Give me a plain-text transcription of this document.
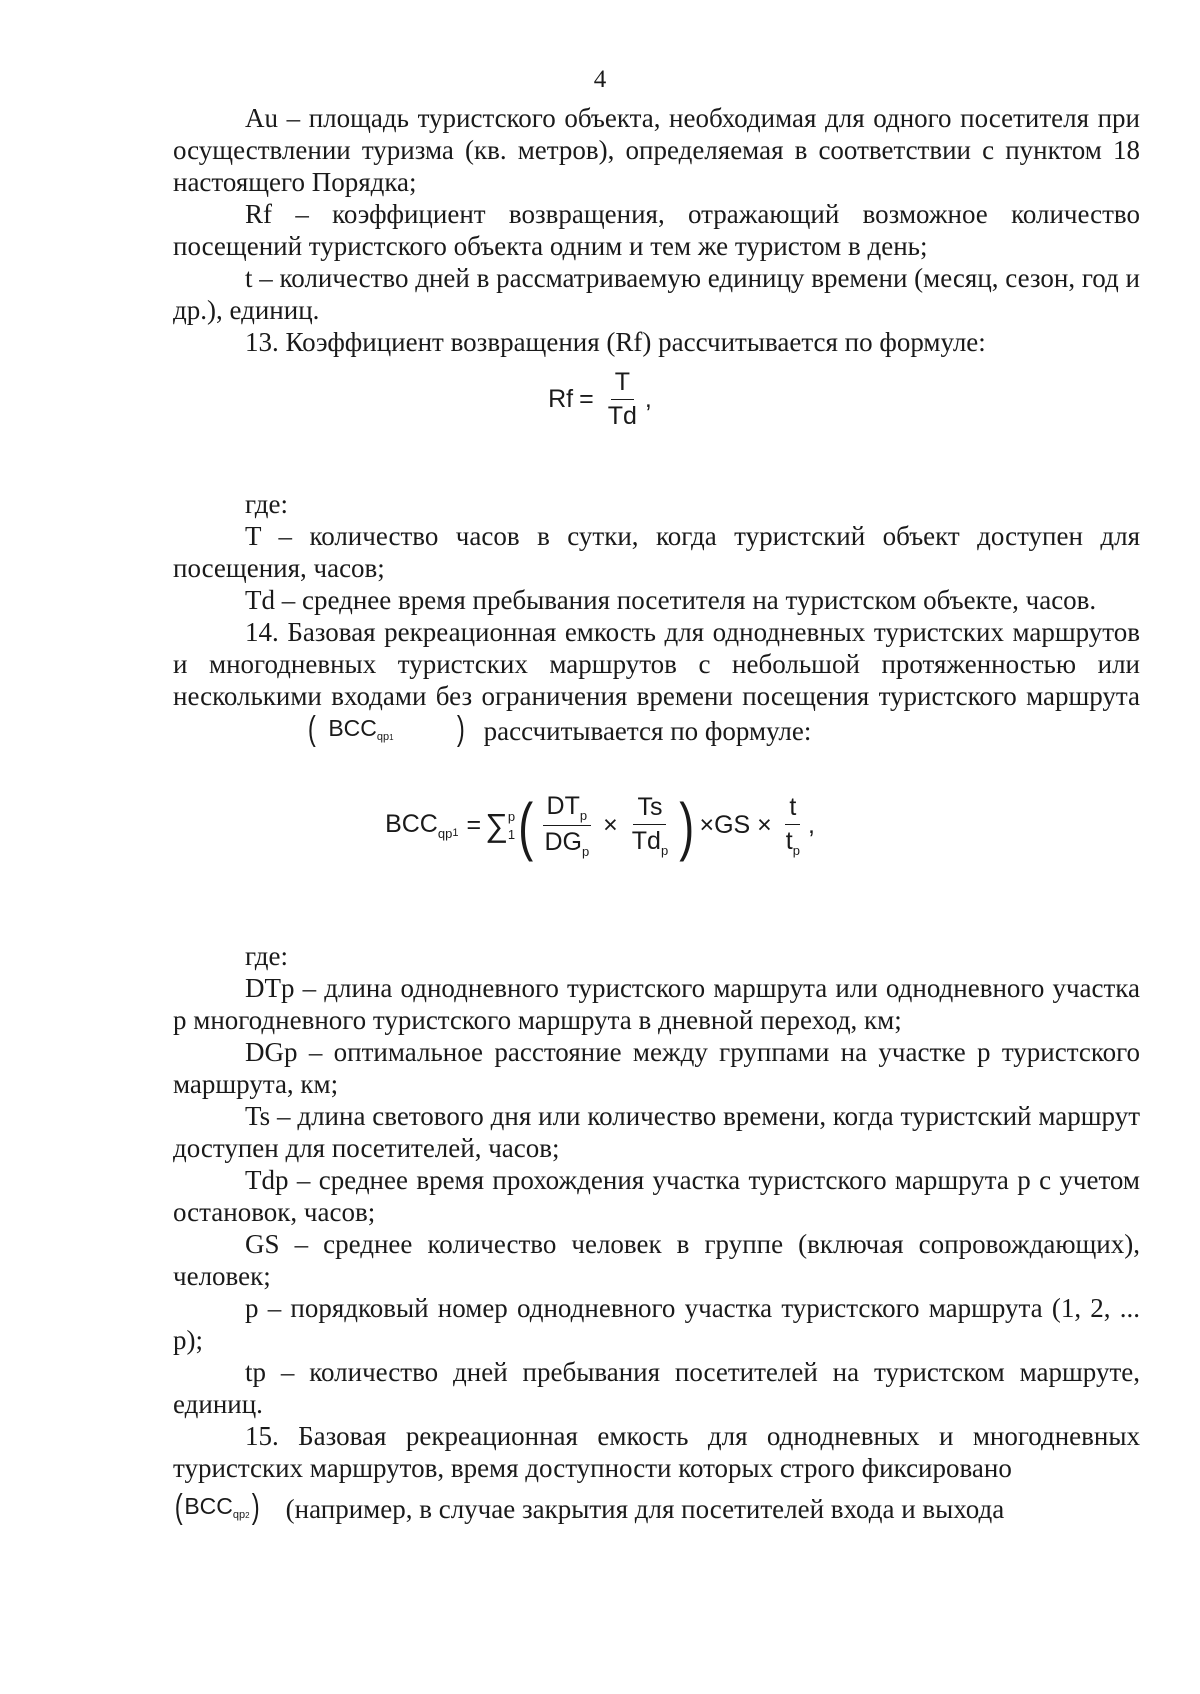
4

Au – площадь туристского объекта, необходимая для одного посетителя при осуществлении туризма (кв. метров), определяемая в соответствии с пунктом 18 настоящего Порядка;

Rf – коэффициент возвращения, отражающий возможное количество посещений туристского объекта одним и тем же туристом в день;

t – количество дней в рассматриваемую единицу времени (месяц, сезон, год и др.), единиц.

13. Коэффициент возвращения (Rf) рассчитывается по формуле:

$Rf = \frac{T}{Td}$ ,

где:

T – количество часов в сутки, когда туристский объект доступен для посещения, часов;

Td – среднее время пребывания посетителя на туристском объекте, часов.

14. Базовая рекреационная емкость для однодневных туристских маршрутов и многодневных туристских маршрутов с небольшой протяженностью или несколькими входами без ограничения времени посещения туристского маршрута ( BCCqp1 ) рассчитывается по формуле:

$BCC_{qp}1$ = ∑ p
1 ( $\frac{DT_p}{DG_p} \times \frac{Ts}{Td_p}$ ) $\times GS \times \frac{t}{t_p}$ ,

где:

DTp – длина однодневного туристского маршрута или однодневного участка p многодневного туристского маршрута в дневной переход, км;

DGp – оптимальное расстояние между группами на участке p туристского маршрута, км;

Ts – длина светового дня или количество времени, когда туристский маршрут доступен для посетителей, часов;

Tdp – среднее время прохождения участка туристского маршрута p с учетом остановок, часов;

GS – среднее количество человек в группе (включая сопровождающих), человек;

p – порядковый номер однодневного участка туристского маршрута (1, 2, ... p);

tp – количество дней пребывания посетителей на туристском маршруте, единиц.

15. Базовая рекреационная емкость для однодневных и многодневных туристских маршрутов, время доступности которых строго фиксировано

(BCCqp2) (например, в случае закрытия для посетителей входа и выхода
